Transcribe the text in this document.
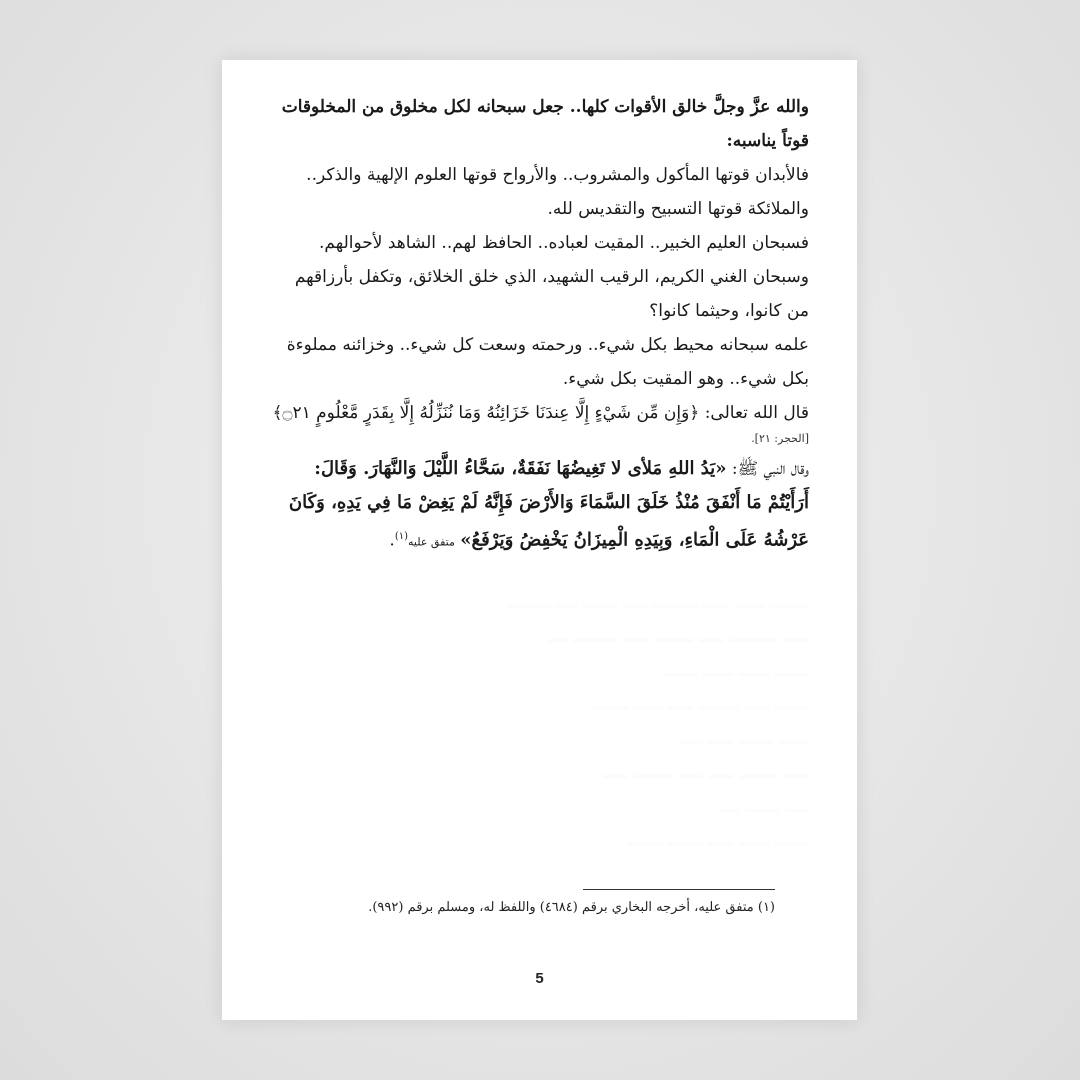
والله عزَّ وجلَّ خالق الأقوات كلها.. جعل سبحانه لكل مخلوق من المخلوقات قوتاً يناسبه:

فالأبدان قوتها المأكول والمشروب.. والأرواح قوتها العلوم الإلهية والذكر.. والملائكة قوتها التسبيح والتقديس لله.

فسبحان العليم الخبير.. المقيت لعباده.. الحافظ لهم.. الشاهد لأحوالهم.

وسبحان الغني الكريم، الرقيب الشهيد، الذي خلق الخلائق، وتكفل بأرزاقهم من كانوا، وحيثما كانوا؟

علمه سبحانه محيط بكل شيء.. ورحمته وسعت كل شيء.. وخزائنه مملوءة بكل شيء.. وهو المقيت بكل شيء.

قال الله تعالى: ﴿وَإِن مِّن شَيْءٍ إِلَّا عِندَنَا خَزَائِنُهُ وَمَا نُنَزِّلُهُ إِلَّا بِقَدَرٍ مَّعْلُومٍ ۝٢١﴾

[الحجر: ٢١].

وقال النبي ﷺ: «يَدُ اللهِ مَلأى لا تَغِيضُهَا نَفَقَةٌ، سَحَّاءُ اللَّيْلَ وَالنَّهَارَ. وَقَالَ: أَرَأَيْتُمْ مَا أَنْفَقَ مُنْذُ خَلَقَ السَّمَاءَ وَالأَرْضَ فَإِنَّهُ لَمْ يَغِضْ مَا فِي يَدِهِ، وَكَانَ عَرْشُهُ عَلَى الْمَاءِ، وَبِيَدِهِ الْمِيزَانُ يَخْفِضُ وَيَرْفَعُ» متفق عليه$^{(١)}$.

(١) متفق عليه، أخرجه البخاري برقم (٤٦٨٤) واللفظ له، ومسلم برقم (٩٩٢).
5
